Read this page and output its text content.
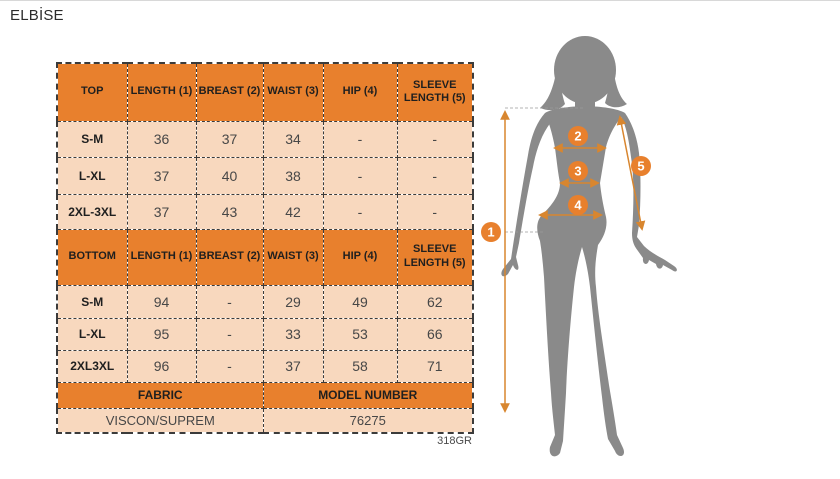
ELBİSE
TOP	LENGTH (1)	BREAST (2)	WAIST (3)	HIP (4)	SLEEVE LENGTH (5)
S-M	36	37	34	-	-
L-XL	37	40	38	-	-
2XL-3XL	37	43	42	-	-
BOTTOM	LENGTH (1)	BREAST (2)	WAIST (3)	HIP (4)	SLEEVE LENGTH (5)
S-M	94	-	29	49	62
L-XL	95	-	33	53	66
2XL3XL	96	-	37	58	71
FABRIC			MODEL NUMBER		
VISCON/SUPREM			76275		
318GR
1
2
3
4
5
